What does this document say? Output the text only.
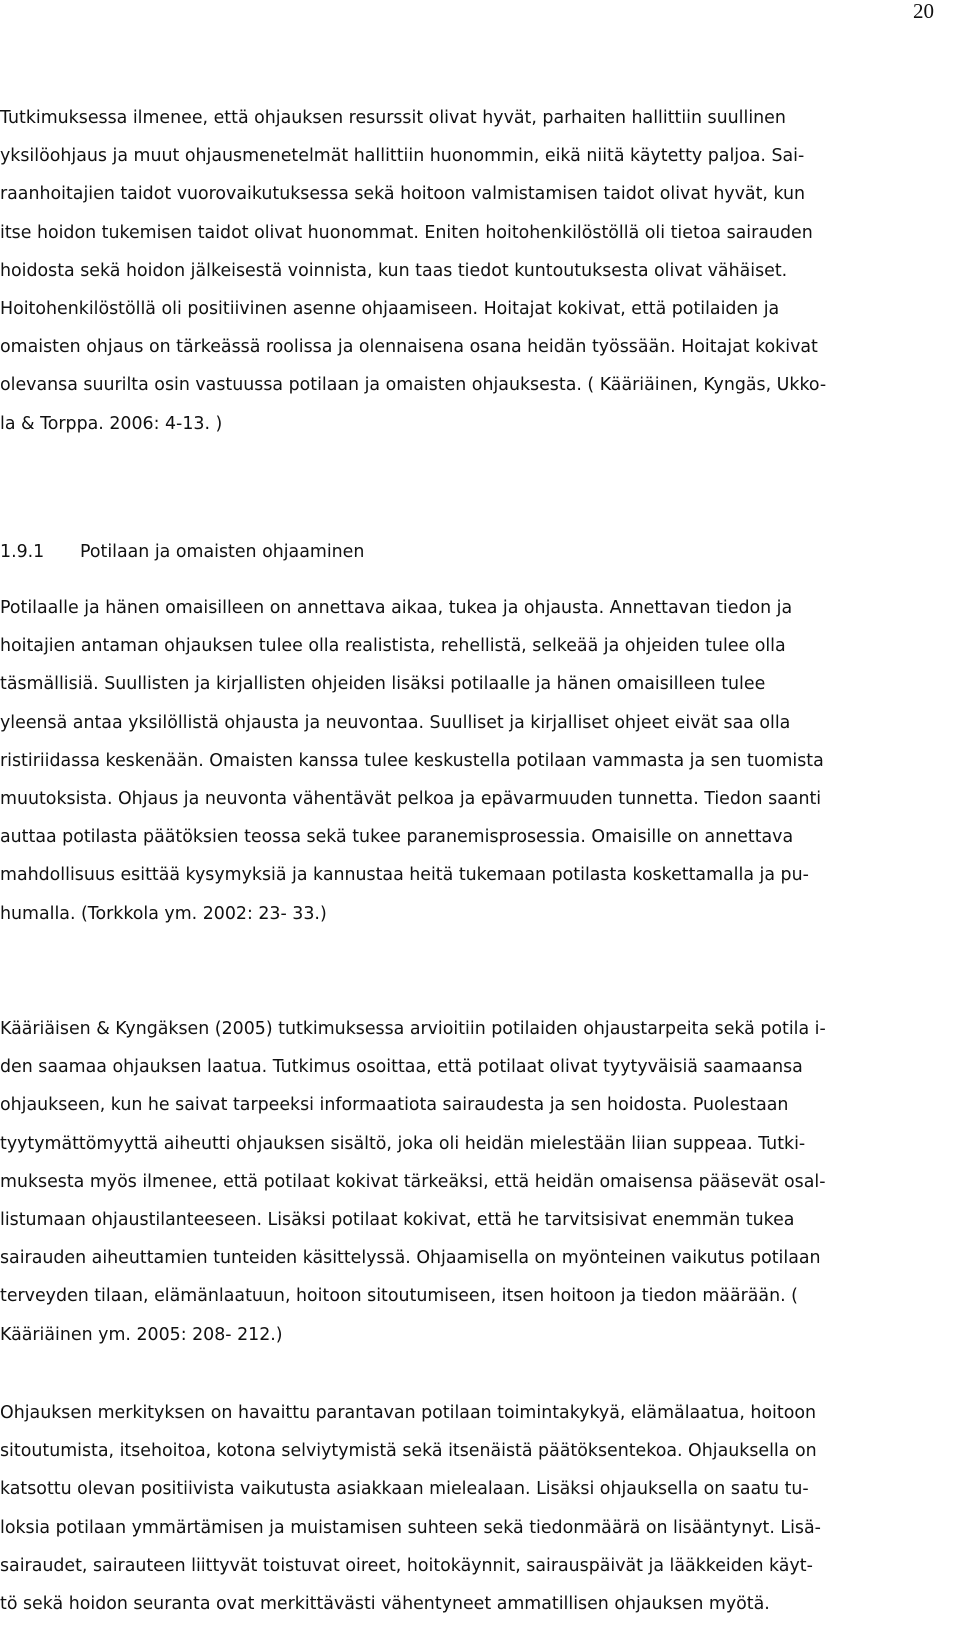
20
Tutkimuksessa ilmenee, että ohjauksen resurssit olivat hyvät, parhaiten hallittiin suullinen
yksilöohjaus ja muut ohjausmenetelmät hallittiin huonommin, eikä niitä käytetty paljoa. Sai-
raanhoitajien taidot vuorovaikutuksessa sekä hoitoon valmistamisen taidot olivat hyvät, kun
itse hoidon tukemisen taidot olivat huonommat. Eniten hoitohenkilöstöllä oli tietoa sairauden
hoidosta sekä hoidon jälkeisestä voinnista, kun taas tiedot kuntoutuksesta olivat vähäiset.
Hoitohenkilöstöllä oli positiivinen asenne ohjaamiseen. Hoitajat kokivat, että potilaiden ja
omaisten ohjaus on tärkeässä roolissa ja olennaisena osana heidän työssään. Hoitajat kokivat
olevansa suurilta osin vastuussa potilaan ja omaisten ohjauksesta. ( Kääriäinen, Kyngäs, Ukko-
la & Torppa. 2006: 4-13. )
1.9.1 Potilaan ja omaisten ohjaaminen
Potilaalle ja hänen omaisilleen on annettava aikaa, tukea ja ohjausta. Annettavan tiedon ja
hoitajien antaman ohjauksen tulee olla realistista, rehellistä, selkeää ja ohjeiden tulee olla
täsmällisiä. Suullisten ja kirjallisten ohjeiden lisäksi potilaalle ja hänen omaisilleen tulee
yleensä antaa yksilöllistä ohjausta ja neuvontaa. Suulliset ja kirjalliset ohjeet eivät saa olla
ristiriidassa keskenään. Omaisten kanssa tulee keskustella potilaan vammasta ja sen tuomista
muutoksista. Ohjaus ja neuvonta vähentävät pelkoa ja epävarmuuden tunnetta. Tiedon saanti
auttaa potilasta päätöksien teossa sekä tukee paranemisprosessia. Omaisille on annettava
mahdollisuus esittää kysymyksiä ja kannustaa heitä tukemaan potilasta koskettamalla ja pu-
humalla. (Torkkola ym. 2002: 23- 33.)
Kääriäisen & Kyngäksen (2005) tutkimuksessa arvioitiin potilaiden ohjaustarpeita sekä potila i-
den saamaa ohjauksen laatua. Tutkimus osoittaa, että potilaat olivat tyytyväisiä saamaansa
ohjaukseen, kun he saivat tarpeeksi informaatiota sairaudesta ja sen hoidosta. Puolestaan
tyytymättömyyttä aiheutti ohjauksen sisältö, joka oli heidän mielestään liian suppeaa. Tutki-
muksesta myös ilmenee, että potilaat kokivat tärkeäksi, että heidän omaisensa pääsevät osal-
listumaan ohjaustilanteeseen. Lisäksi potilaat kokivat, että he tarvitsisivat enemmän tukea
sairauden aiheuttamien tunteiden käsittelyssä. Ohjaamisella on myönteinen vaikutus potilaan
terveyden tilaan, elämänlaatuun, hoitoon sitoutumiseen, itsen hoitoon ja tiedon määrään. (
Kääriäinen ym. 2005: 208- 212.)
Ohjauksen merkityksen on havaittu parantavan potilaan toimintakykyä, elämälaatua, hoitoon
sitoutumista, itsehoitoa, kotona selviytymistä sekä itsenäistä päätöksentekoa. Ohjauksella on
katsottu olevan positiivista vaikutusta asiakkaan mielealaan. Lisäksi ohjauksella on saatu tu-
loksia potilaan ymmärtämisen ja muistamisen suhteen sekä tiedonmäärä on lisääntynyt. Lisä-
sairaudet, sairauteen liittyvät toistuvat oireet, hoitokäynnit, sairauspäivät ja lääkkeiden käyt-
tö sekä hoidon seuranta ovat merkittävästi vähentyneet ammatillisen ohjauksen myötä.
